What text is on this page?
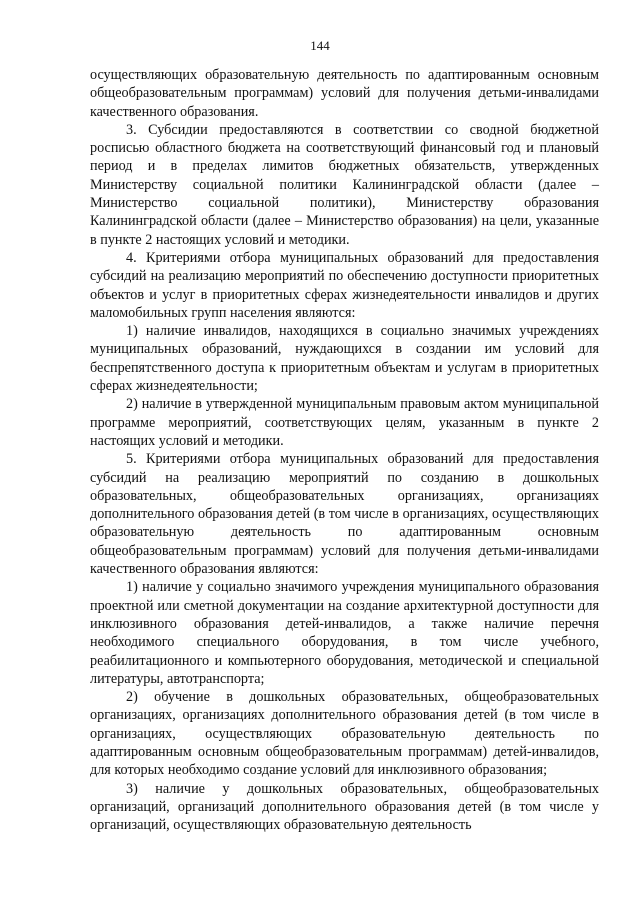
144

осуществляющих образовательную деятельность по адаптированным основным общеобразовательным программам) условий для получения детьми-инвалидами качественного образования.

3. Субсидии предоставляются в соответствии со сводной бюджетной росписью областного бюджета на соответствующий финансовый год и плановый период и в пределах лимитов бюджетных обязательств, утвержденных Министерству социальной политики Калининградской области (далее – Министерство социальной политики), Министерству образования Калининградской области (далее – Министерство образования) на цели, указанные в пункте 2 настоящих условий и методики.

4. Критериями отбора муниципальных образований для предоставления субсидий на реализацию мероприятий по обеспечению доступности приоритетных объектов и услуг в приоритетных сферах жизнедеятельности инвалидов и других маломобильных групп населения являются:

1) наличие инвалидов, находящихся в социально значимых учреждениях муниципальных образований, нуждающихся в создании им условий для беспрепятственного доступа к приоритетным объектам и услугам в приоритетных сферах жизнедеятельности;

2) наличие в утвержденной муниципальным правовым актом муниципальной программе мероприятий, соответствующих целям, указанным в пункте 2 настоящих условий и методики.

5. Критериями отбора муниципальных образований для предоставления субсидий на реализацию мероприятий по созданию в дошкольных образовательных, общеобразовательных организациях, организациях дополнительного образования детей (в том числе в организациях, осуществляющих образовательную деятельность по адаптированным основным общеобразовательным программам) условий для получения детьми-инвалидами качественного образования являются:

1) наличие у социально значимого учреждения муниципального образования проектной или сметной документации на создание архитектурной доступности для инклюзивного образования детей-инвалидов, а также наличие перечня необходимого специального оборудования, в том числе учебного, реабилитационного и компьютерного оборудования, методической и специальной литературы, автотранспорта;

2) обучение в дошкольных образовательных, общеобразовательных организациях, организациях дополнительного образования детей (в том числе в организациях, осуществляющих образовательную деятельность по адаптированным основным общеобразовательным программам) детей-инвалидов, для которых необходимо создание условий для инклюзивного образования;

3) наличие у дошкольных образовательных, общеобразовательных организаций, организаций дополнительного образования детей (в том числе у организаций, осуществляющих образовательную деятельность
